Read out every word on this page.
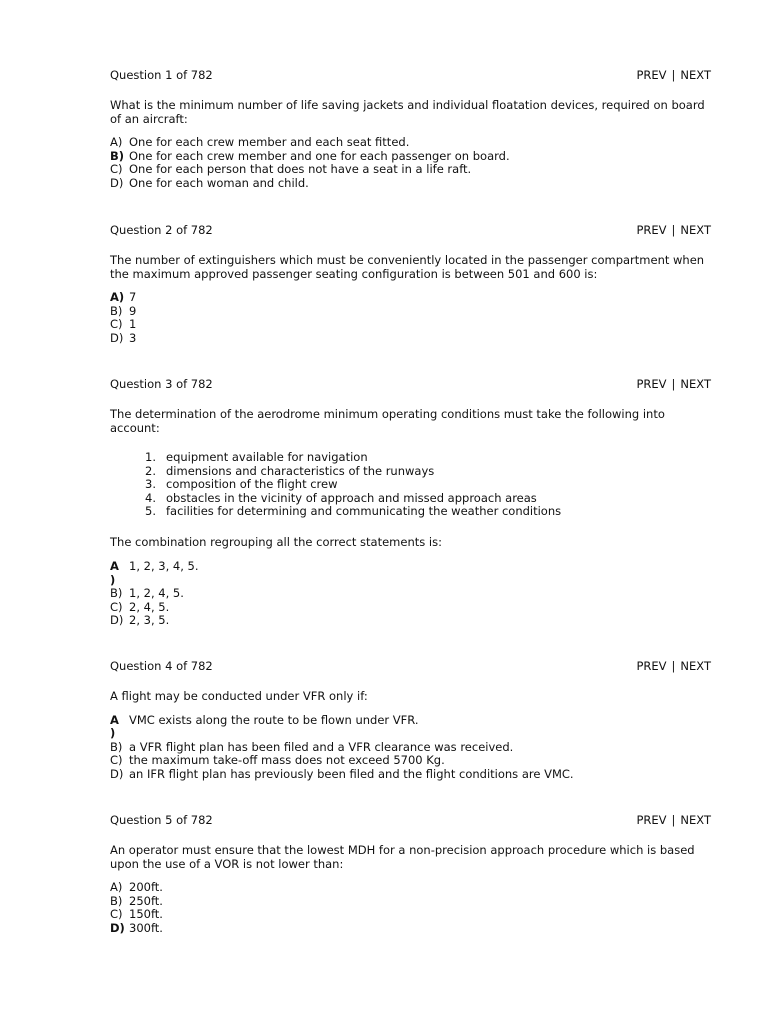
Question 1 of 782	PREV | NEXT
What is the minimum number of life saving jackets and individual floatation devices, required on board of an aircraft:
A) One for each crew member and each seat fitted.
B) One for each crew member and one for each passenger on board.
C) One for each person that does not have a seat in a life raft.
D) One for each woman and child.
Question 2 of 782	PREV | NEXT
The number of extinguishers which must be conveniently located in the passenger compartment when the maximum approved passenger seating configuration is between 501 and 600 is:
A) 7
B) 9
C) 1
D) 3
Question 3 of 782	PREV | NEXT
The determination of the aerodrome minimum operating conditions must take the following into account:
1. equipment available for navigation
2. dimensions and characteristics of the runways
3. composition of the flight crew
4. obstacles in the vicinity of approach and missed approach areas
5. facilities for determining and communicating the weather conditions
The combination regrouping all the correct statements is:
A
)
1, 2, 3, 4, 5.
B) 1, 2, 4, 5.
C) 2, 4, 5.
D) 2, 3, 5.
Question 4 of 782	PREV | NEXT
A flight may be conducted under VFR only if:
A
)
VMC exists along the route to be flown under VFR.
B) a VFR flight plan has been filed and a VFR clearance was received.
C) the maximum take-off mass does not exceed 5700 Kg.
D) an IFR flight plan has previously been filed and the flight conditions are VMC.
Question 5 of 782	PREV | NEXT
An operator must ensure that the lowest MDH for a non-precision approach procedure which is based upon the use of a VOR is not lower than:
A) 200ft.
B) 250ft.
C) 150ft.
D) 300ft.
